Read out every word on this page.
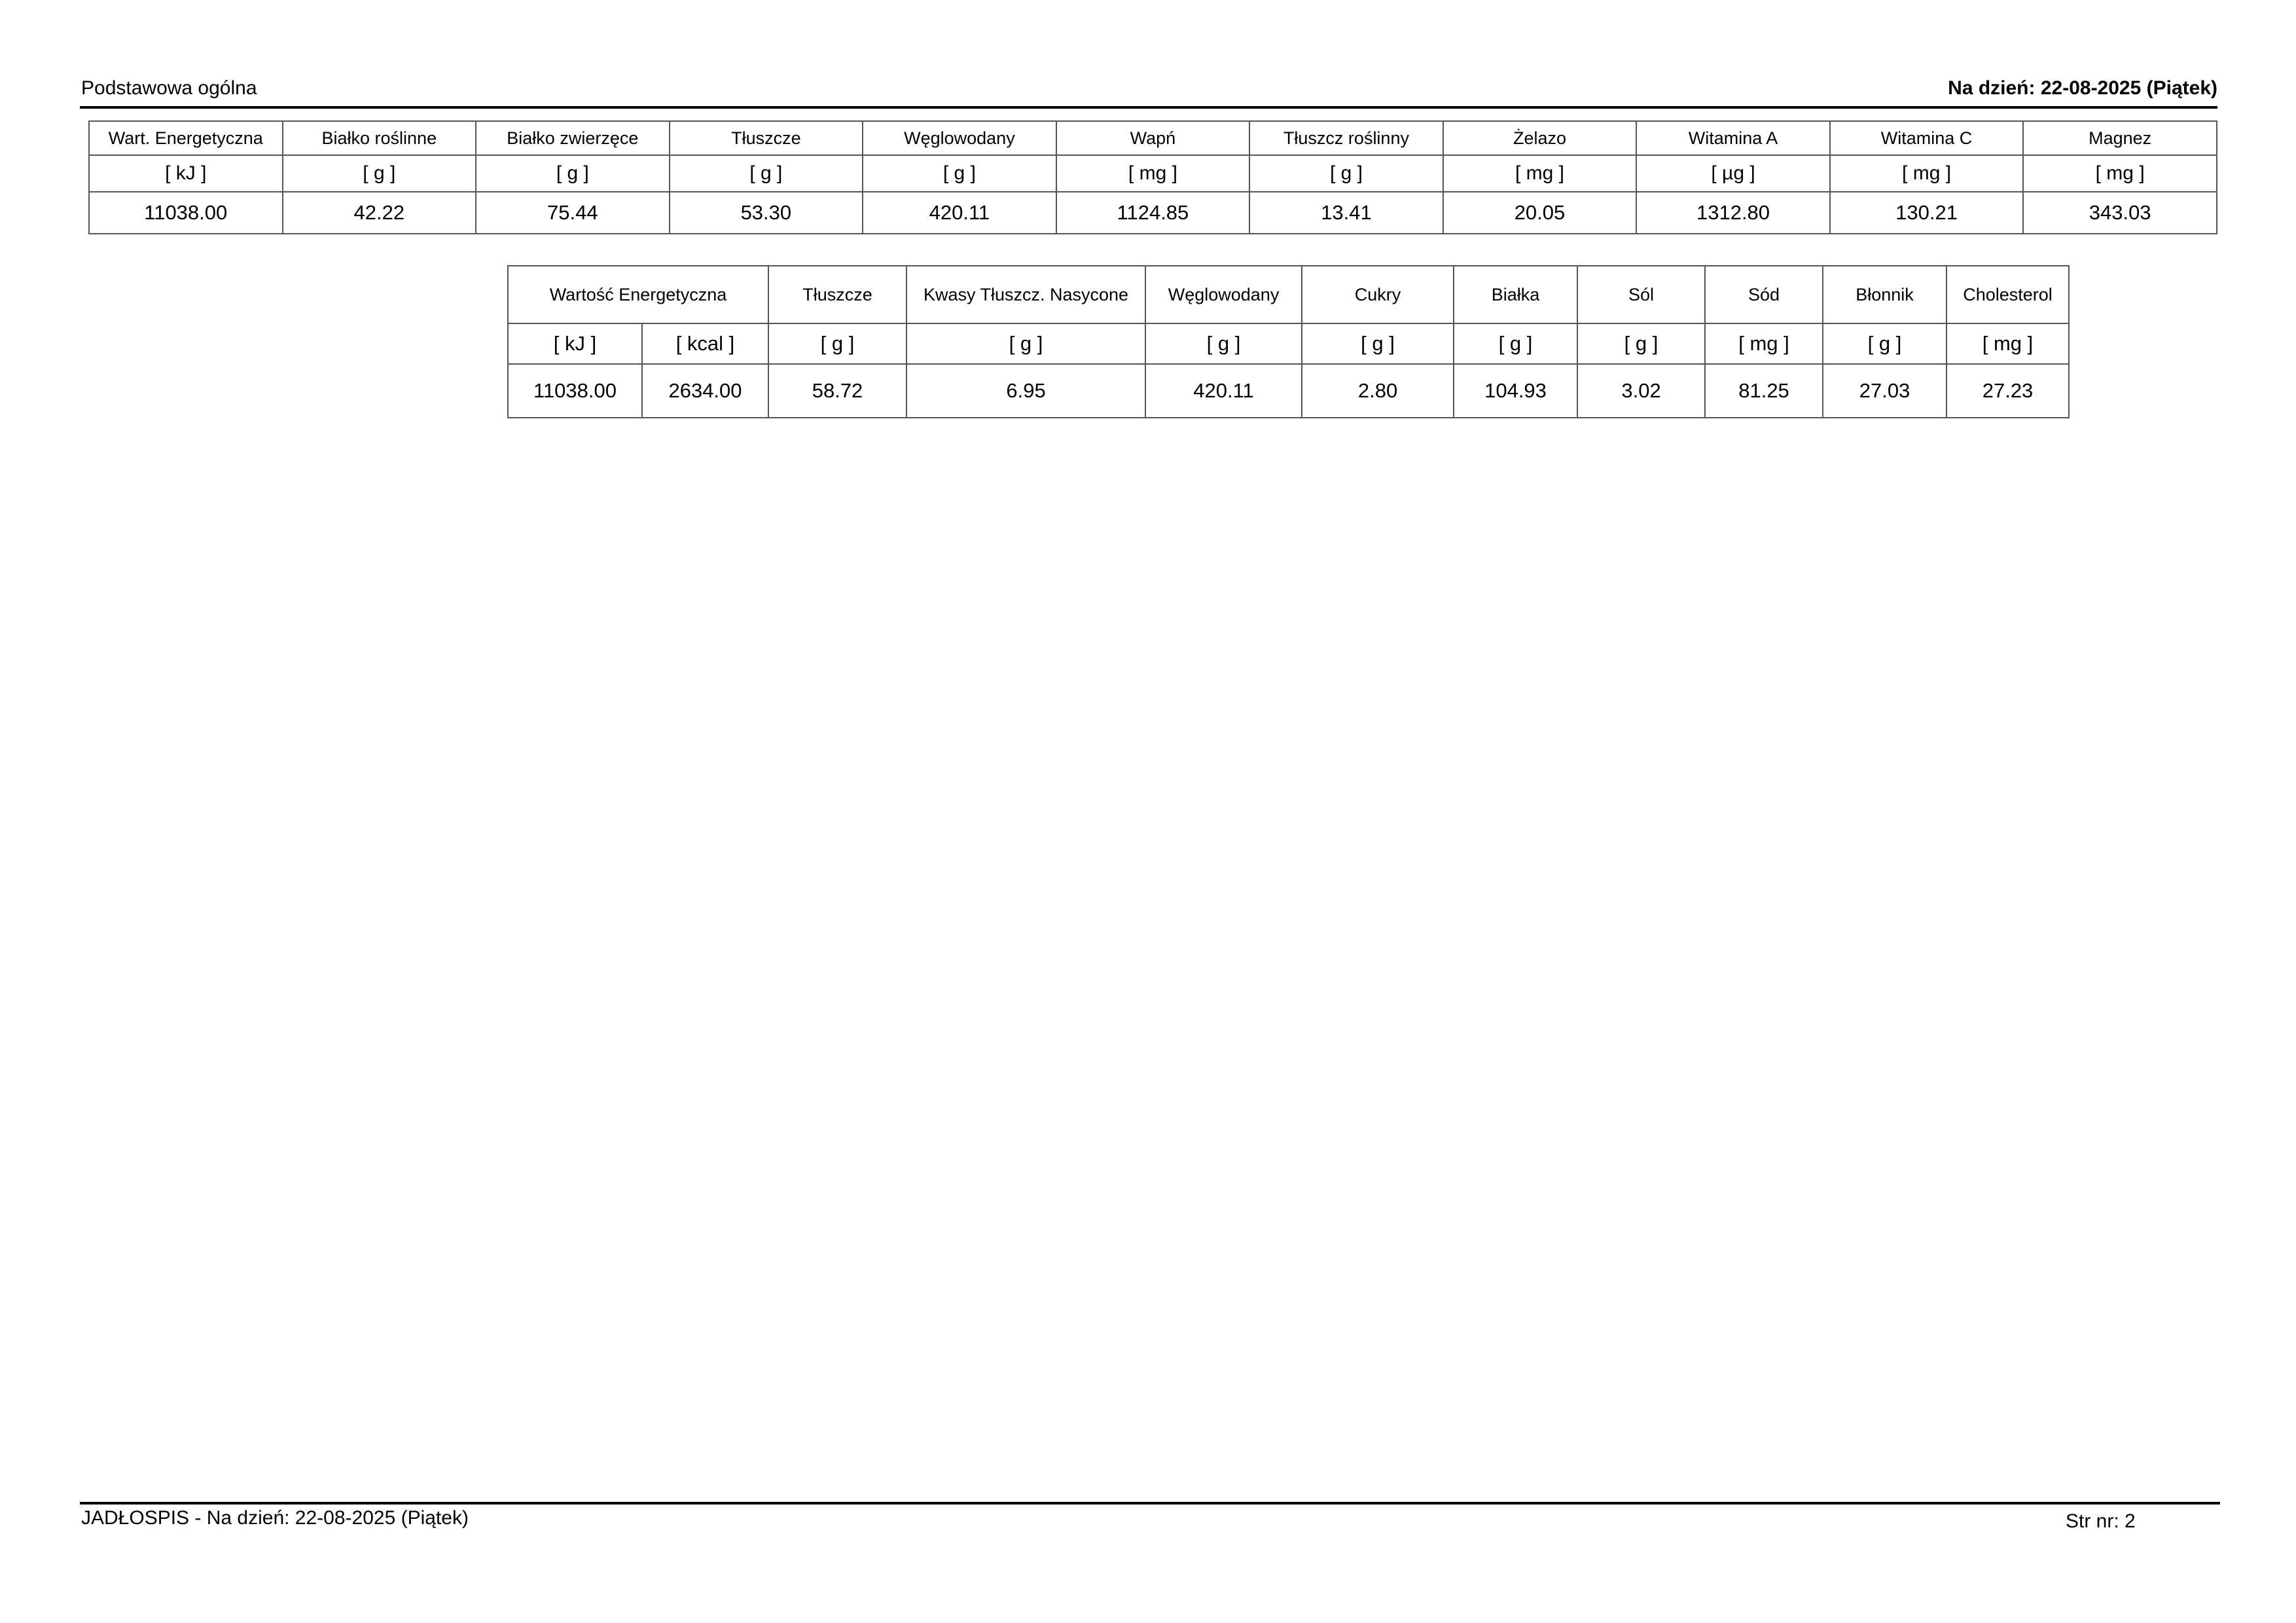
Podstawowa ogólna	Na dzień: 22-08-2025 (Piątek)
Wart. Energetyczna	Białko roślinne	Białko zwierzęce	Tłuszcze	Węglowodany	Wapń	Tłuszcz roślinny	Żelazo	Witamina A	Witamina C	Magnez
[ kJ ]	[ g ]	[ g ]	[ g ]	[ g ]	[ mg ]	[ g ]	[ mg ]	[ µg ]	[ mg ]	[ mg ]
11038.00	42.22	75.44	53.30	420.11	1124.85	13.41	20.05	1312.80	130.21	343.03
Wartość Energetyczna		Tłuszcze	Kwasy Tłuszcz. Nasycone	Węglowodany	Cukry	Białka	Sól	Sód	Błonnik	Cholesterol
[ kJ ]	[ kcal ]	[ g ]	[ g ]	[ g ]	[ g ]	[ g ]	[ g ]	[ mg ]	[ g ]	[ mg ]
11038.00	2634.00	58.72	6.95	420.11	2.80	104.93	3.02	81.25	27.03	27.23
JADŁOSPIS - Na dzień: 22-08-2025 (Piątek)	Str nr: 2
